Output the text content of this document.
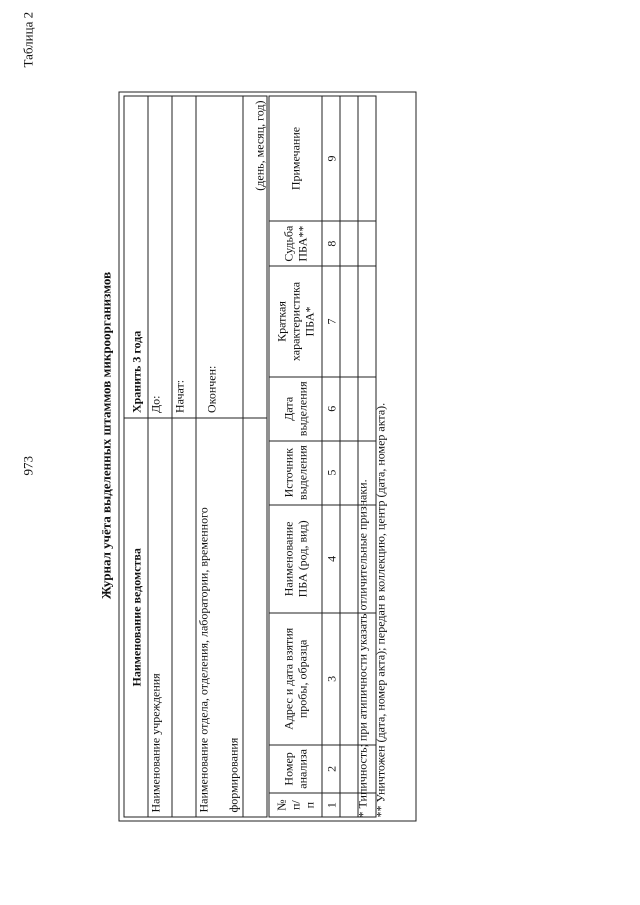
973
Таблица 2
Журнал учёта выделенных штаммов микроорганизмов
Наименование ведомства	Хранить 3 года
Наименование учреждения	До:
	Начат:

Наименование отдела, отделения, лаборатории, временного формирования	Окончен:

	(день, месяц, год)
№ п/п	Номер анализа	Адрес и дата взятия пробы, образца	Наименование ПБА (род, вид)	Источник выделения	Дата выделения	Краткая характеристика ПБА*	Судьба ПБА**	Примечание
1	2	3	4	5	6	7	8	9

* Типичность; при атипичности указать отличительные признаки. ** Уничтожен (дата, номер акта); передан в коллекцию, центр (дата, номер акта).
